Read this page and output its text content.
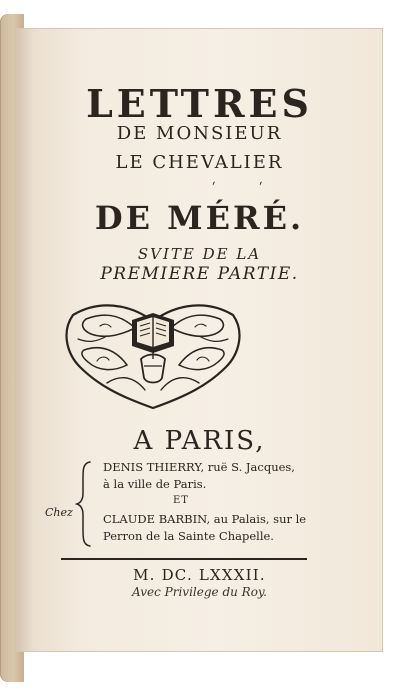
LETTRES
DE MONSIEUR
LE CHEVALIER
´ ´
DE MÉRÉ.
SVITE DE LA
PREMIERE PARTIE.
A PARIS,
Chez
DENIS THIERRY, ruë S. Jacques,
à la ville de Paris.
ET
CLAUDE BARBIN, au Palais, sur le
Perron de la Sainte Chapelle.
M. DC. LXXXII.
Avec Privilege du Roy.
